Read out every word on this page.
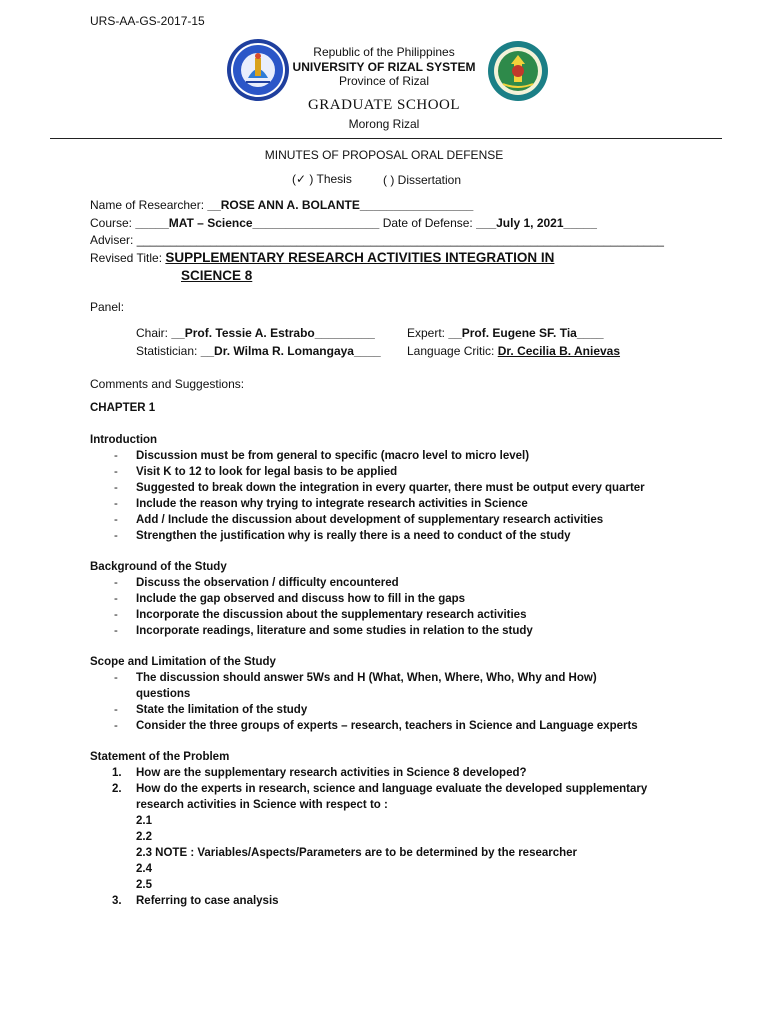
URS-AA-GS-2017-15
Republic of the Philippines
UNIVERSITY OF RIZAL SYSTEM
Province of Rizal
GRADUATE SCHOOL
Morong Rizal
MINUTES OF PROPOSAL ORAL DEFENSE
(✓ ) Thesis	( ) Dissertation
Name of Researcher: __ROSE ANN A. BOLANTE_________________
Course: _____MAT – Science___________________ Date of Defense: ___July 1, 2021_____
Adviser: _______________________________________________________________________________
Revised Title: SUPPLEMENTARY RESEARCH ACTIVITIES INTEGRATION IN
SCIENCE 8
Panel:
Chair: __Prof. Tessie A. Estrabo_________	Expert: __Prof. Eugene SF. Tia____
Statistician: __Dr. Wilma R. Lomangaya____ Language Critic: Dr. Cecilia B. Anievas
Comments and Suggestions:
CHAPTER 1
Introduction
- Discussion must be from general to specific (macro level to micro level)
- Visit K to 12 to look for legal basis to be applied
- Suggested to break down the integration in every quarter, there must be output every quarter
- Include the reason why trying to integrate research activities in Science
- Add / Include the discussion about development of supplementary research activities
- Strengthen the justification why is really there is a need to conduct of the study
Background of the Study
- Discuss the observation / difficulty encountered
- Include the gap observed and discuss how to fill in the gaps
- Incorporate the discussion about the supplementary research activities
- Incorporate readings, literature and some studies in relation to the study
Scope and Limitation of the Study
- The discussion should answer 5Ws and H (What, When, Where, Who, Why and How)
questions
- State the limitation of the study
- Consider the three groups of experts – research, teachers in Science and Language experts
Statement of the Problem
1. How are the supplementary research activities in Science 8 developed?
2. How do the experts in research, science and language evaluate the developed supplementary
research activities in Science with respect to :
2.1
2.2
2.3 NOTE : Variables/Aspects/Parameters are to be determined by the researcher
2.4
2.5
3. Referring to case analysis
